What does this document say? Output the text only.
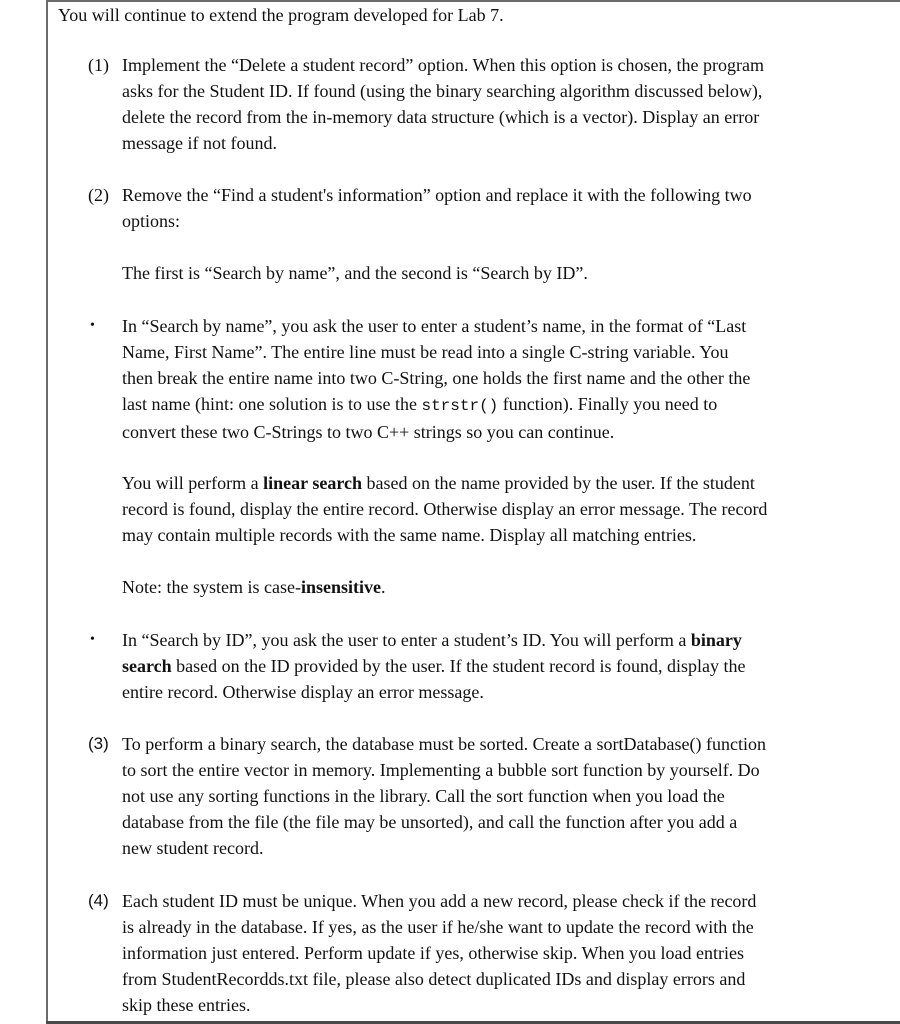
You will continue to extend the program developed for Lab 7.
(1) Implement the “Delete a student record” option. When this option is chosen, the program

asks for the Student ID. If found (using the binary searching algorithm discussed below),

delete the record from the in-memory data structure (which is a vector). Display an error

message if not found.

(2) Remove the “Find a student's information” option and replace it with the following two

options:

The first is “Search by name”, and the second is “Search by ID”.
• In “Search by name”, you ask the user to enter a student’s name, in the format of “Last

Name, First Name”. The entire line must be read into a single C-string variable. You

then break the entire name into two C-String, one holds the first name and the other the

last name (hint: one solution is to use the strstr() function). Finally you need to

convert these two C-Strings to two C++ strings so you can continue.

You will perform a linear search based on the name provided by the user. If the student

record is found, display the entire record. Otherwise display an error message. The record

may contain multiple records with the same name. Display all matching entries.

Note: the system is case-insensitive.

• In “Search by ID”, you ask the user to enter a student’s ID. You will perform a binary

search based on the ID provided by the user. If the student record is found, display the

entire record. Otherwise display an error message.

(3) To perform a binary search, the database must be sorted. Create a sortDatabase() function

to sort the entire vector in memory. Implementing a bubble sort function by yourself. Do

not use any sorting functions in the library. Call the sort function when you load the

database from the file (the file may be unsorted), and call the function after you add a

new student record.

(4) Each student ID must be unique. When you add a new record, please check if the record

is already in the database. If yes, as the user if he/she want to update the record with the

information just entered. Perform update if yes, otherwise skip. When you load entries

from StudentRecordds.txt file, please also detect duplicated IDs and display errors and

skip these entries.
